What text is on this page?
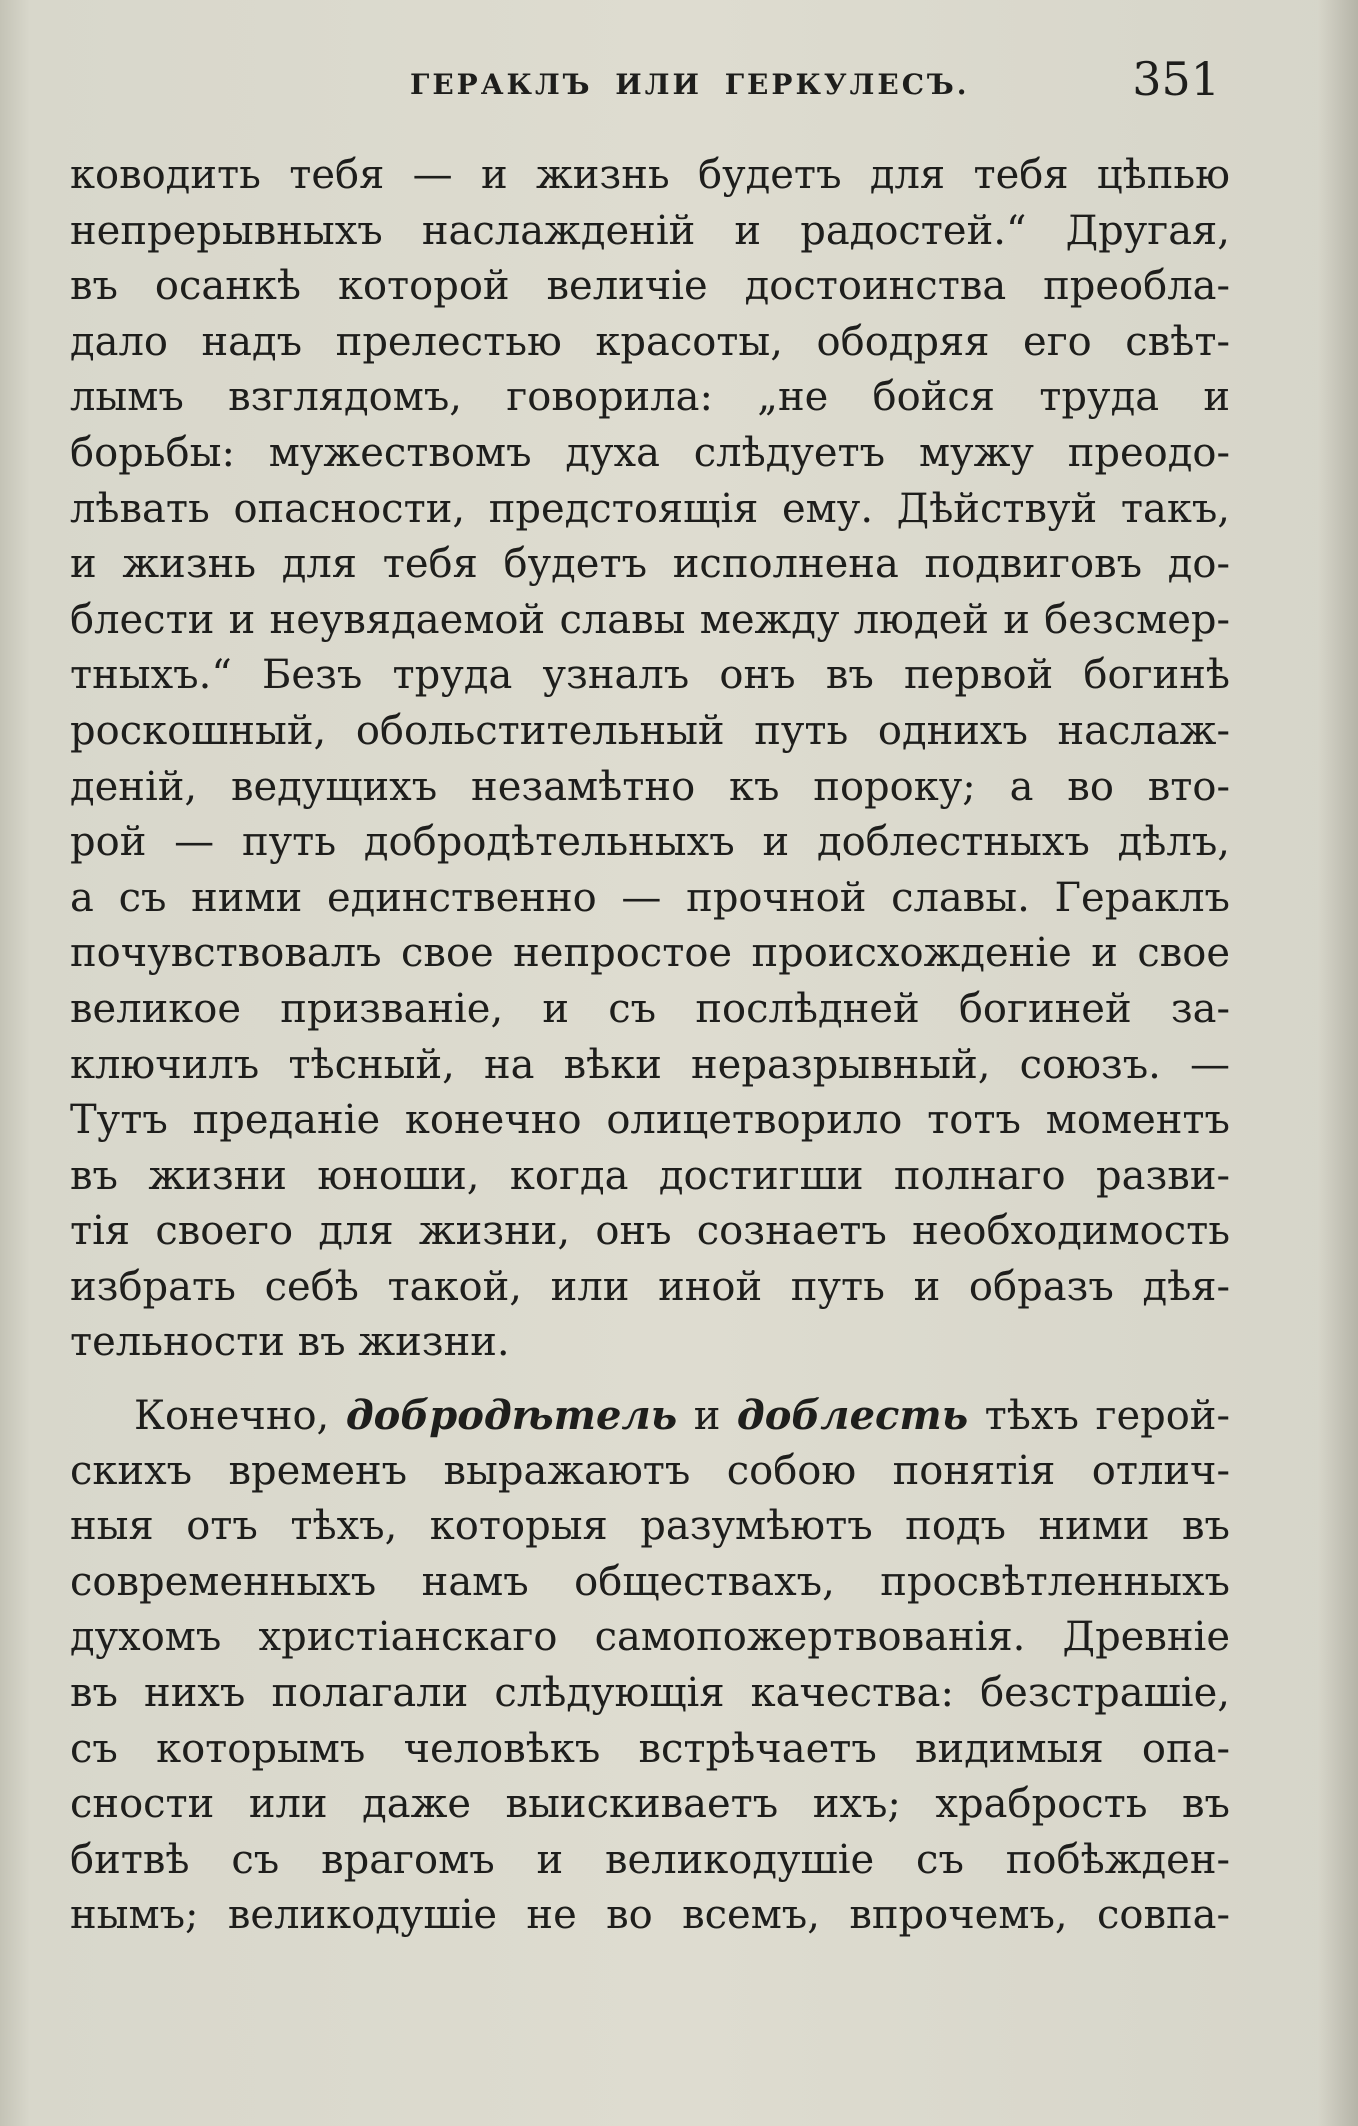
ГЕРАКЛЪ ИЛИ ГЕРКУЛЕСЪ.	351
ководить тебя — и жизнь будетъ для тебя цѣпью
непрерывныхъ наслажденій и радостей.“ Другая,
въ осанкѣ которой величіе достоинства преобла-
дало надъ прелестью красоты, ободряя его свѣт-
лымъ взглядомъ, говорила: „не бойся труда и
борьбы: мужествомъ духа слѣдуетъ мужу преодо-
лѣвать опасности, предстоящія ему. Дѣйствуй такъ,
и жизнь для тебя будетъ исполнена подвиговъ до-
блести и неувядаемой славы между людей и безсмер-
тныхъ.“ Безъ труда узналъ онъ въ первой богинѣ
роскошный, обольстительный путь однихъ наслаж-
деній, ведущихъ незамѣтно къ пороку; а во вто-
рой — путь добродѣтельныхъ и доблестныхъ дѣлъ,
а съ ними единственно — прочной славы. Гераклъ
почувствовалъ свое непростое происхожденіе и свое
великое призваніе, и съ послѣдней богиней за-
ключилъ тѣсный, на вѣки неразрывный, союзъ. —
Тутъ преданіе конечно олицетворило тотъ моментъ
въ жизни юноши, когда достигши полнаго разви-
тія своего для жизни, онъ сознаетъ необходимость
избрать себѣ такой, или иной путь и образъ дѣя-
тельности въ жизни.
Конечно, добродѣтель и доблесть тѣхъ герой-
скихъ временъ выражаютъ собою понятія отлич-
ныя отъ тѣхъ, которыя разумѣютъ подъ ними въ
современныхъ намъ обществахъ, просвѣтленныхъ
духомъ христіанскаго самопожертвованія. Древніе
въ нихъ полагали слѣдующія качества: безстрашіе,
съ которымъ человѣкъ встрѣчаетъ видимыя опа-
сности или даже выискиваетъ ихъ; храбрость въ
битвѣ съ врагомъ и великодушіе съ побѣжден-
нымъ; великодушіе не во всемъ, впрочемъ, совпа-
